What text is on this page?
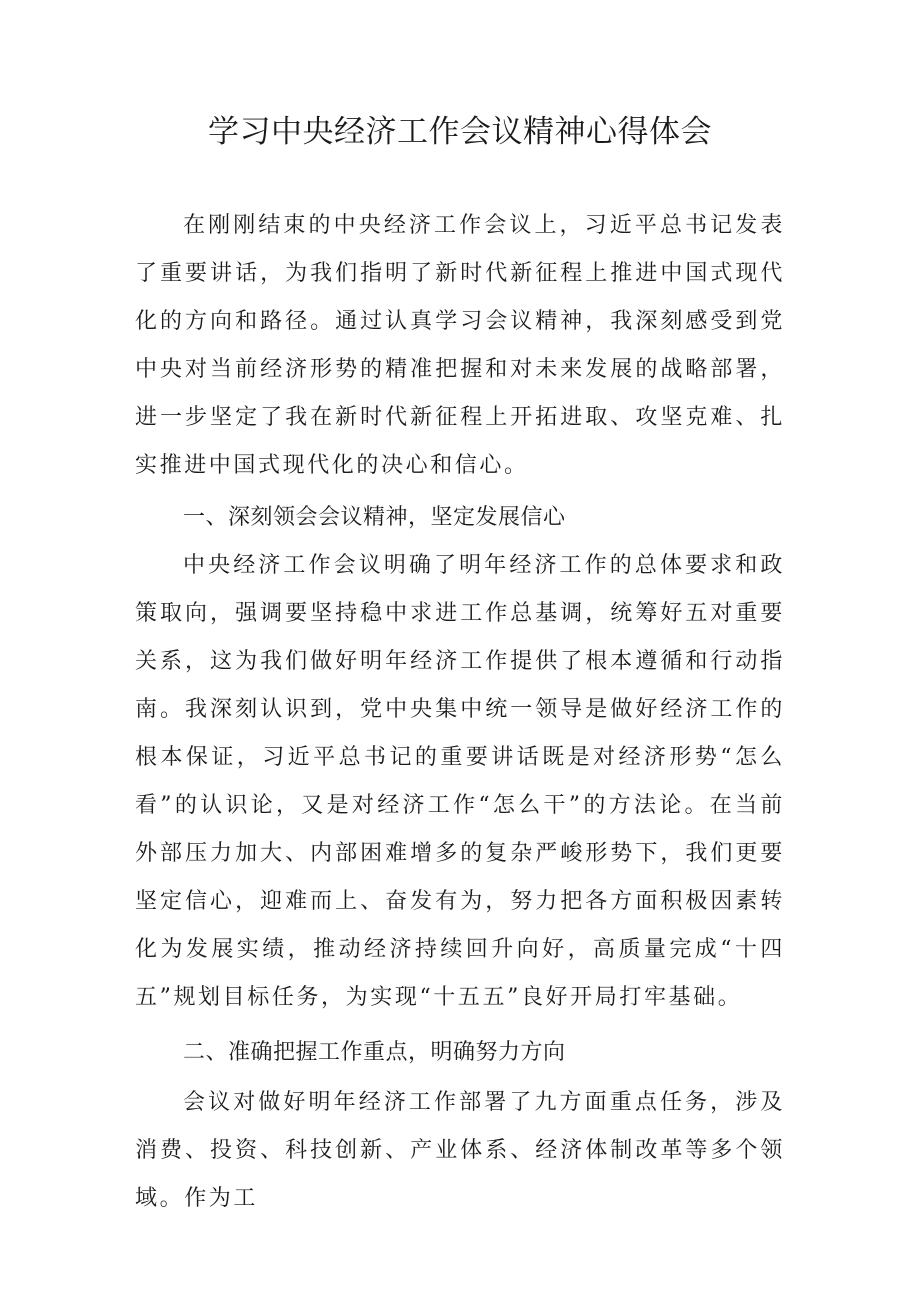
学习中央经济工作会议精神心得体会

在刚刚结束的中央经济工作会议上，习近平总书记发表了重要讲话，为我们指明了新时代新征程上推进中国式现代化的方向和路径。通过认真学习会议精神，我深刻感受到党中央对当前经济形势的精准把握和对未来发展的战略部署，进一步坚定了我在新时代新征程上开拓进取、攻坚克难、扎实推进中国式现代化的决心和信心。

一、深刻领会会议精神，坚定发展信心

中央经济工作会议明确了明年经济工作的总体要求和政策取向，强调要坚持稳中求进工作总基调，统筹好五对重要关系，这为我们做好明年经济工作提供了根本遵循和行动指南。我深刻认识到，党中央集中统一领导是做好经济工作的根本保证，习近平总书记的重要讲话既是对经济形势“怎么看”的认识论，又是对经济工作“怎么干”的方法论。在当前外部压力加大、内部困难增多的复杂严峻形势下，我们更要坚定信心，迎难而上、奋发有为，努力把各方面积极因素转化为发展实绩，推动经济持续回升向好，高质量完成“十四五”规划目标任务，为实现“十五五”良好开局打牢基础。

二、准确把握工作重点，明确努力方向

会议对做好明年经济工作部署了九方面重点任务，涉及消费、投资、科技创新、产业体系、经济体制改革等多个领域。作为工
